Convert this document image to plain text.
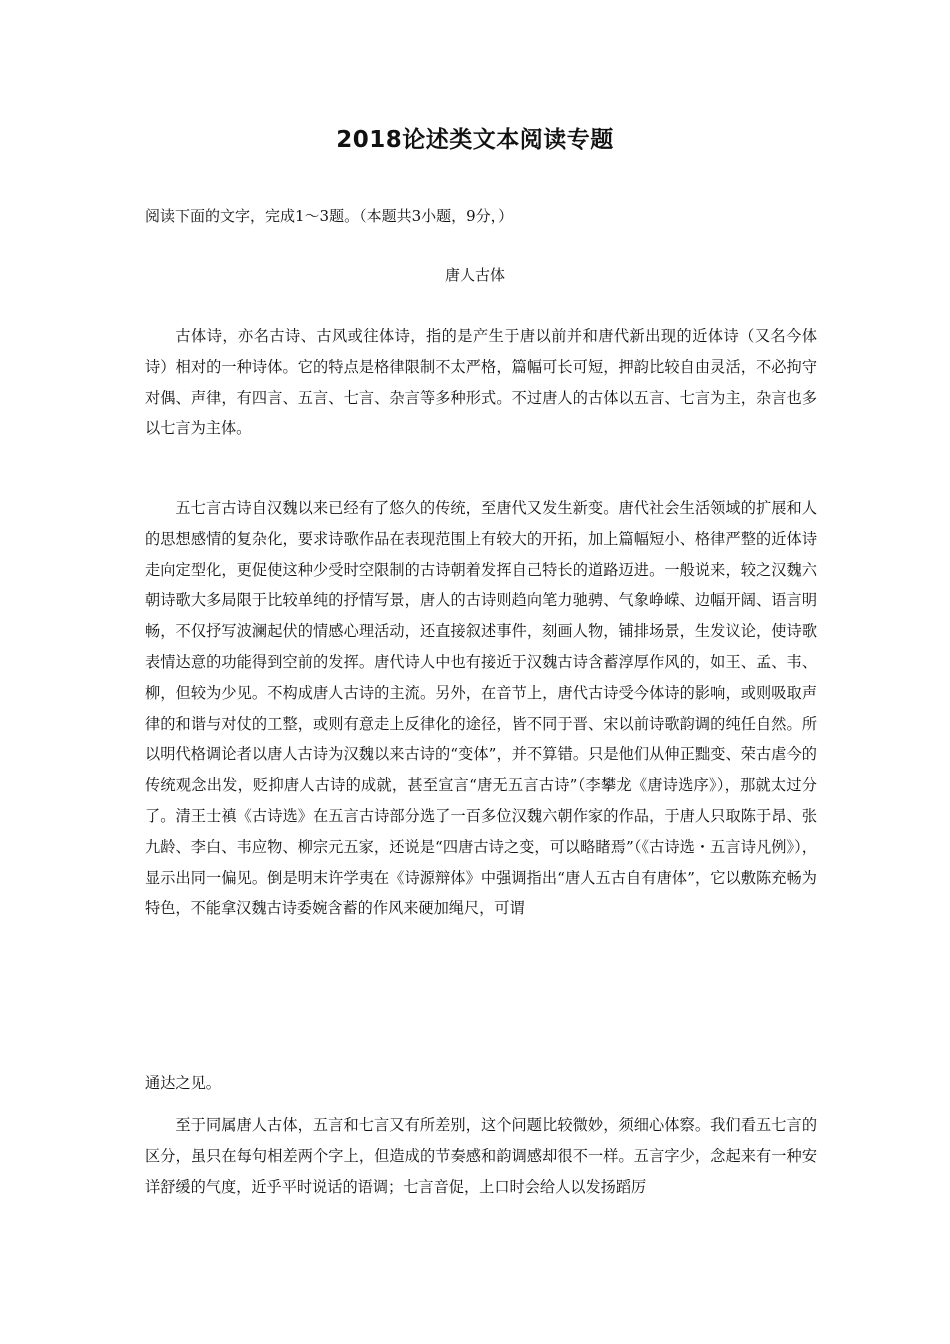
2018论述类文本阅读专题
阅读下面的文字，完成1～3题。（本题共3小题，9分，）
唐人古体

古体诗，亦名古诗、古风或往体诗，指的是产生于唐以前并和唐代新出现的近体诗（又名今体诗）相对的一种诗体。它的特点是格律限制不太严格，篇幅可长可短，押韵比较自由灵活，不必拘守对偶、声律，有四言、五言、七言、杂言等多种形式。不过唐人的古体以五言、七言为主，杂言也多以七言为主体。

五七言古诗自汉魏以来已经有了悠久的传统，至唐代又发生新变。唐代社会生活领域的扩展和人的思想感情的复杂化，要求诗歌作品在表现范围上有较大的开拓，加上篇幅短小、格律严整的近体诗走向定型化，更促使这种少受时空限制的古诗朝着发挥自己特长的道路迈进。一般说来，较之汉魏六朝诗歌大多局限于比较单纯的抒情写景，唐人的古诗则趋向笔力驰骋、气象峥嵘、边幅开阔、语言明畅，不仅抒写波澜起伏的情感心理活动，还直接叙述事件，刻画人物，铺排场景，生发议论，使诗歌表情达意的功能得到空前的发挥。唐代诗人中也有接近于汉魏古诗含蓄淳厚作风的，如王、孟、韦、柳，但较为少见。不构成唐人古诗的主流。另外，在音节上，唐代古诗受今体诗的影响，或则吸取声律的和谐与对仗的工整，或则有意走上反律化的途径，皆不同于晋、宋以前诗歌韵调的纯任自然。所以明代格调论者以唐人古诗为汉魏以来古诗的“变体”，并不算错。只是他们从伸正黜变、荣古虐今的传统观念出发，贬抑唐人古诗的成就，甚至宣言“唐无五言古诗”（李攀龙《唐诗选序》），那就太过分了。清王士禛《古诗选》在五言古诗部分选了一百多位汉魏六朝作家的作品，于唐人只取陈于昂、张九龄、李白、韦应物、柳宗元五家，还说是“四唐古诗之变，可以略睹焉”（《古诗选・五言诗凡例》），显示出同一偏见。倒是明末许学夷在《诗源辩体》中强调指出“唐人五古自有唐体”，它以敷陈充畅为特色，不能拿汉魏古诗委婉含蓄的作风来硬加绳尺，可谓

通达之见。

至于同属唐人古体，五言和七言又有所差别，这个问题比较微妙，须细心体察。我们看五七言的区分，虽只在每句相差两个字上，但造成的节奏感和韵调感却很不一样。五言字少，念起来有一种安详舒缓的气度，近乎平时说话的语调；七言音促，上口时会给人以发扬蹈厉
